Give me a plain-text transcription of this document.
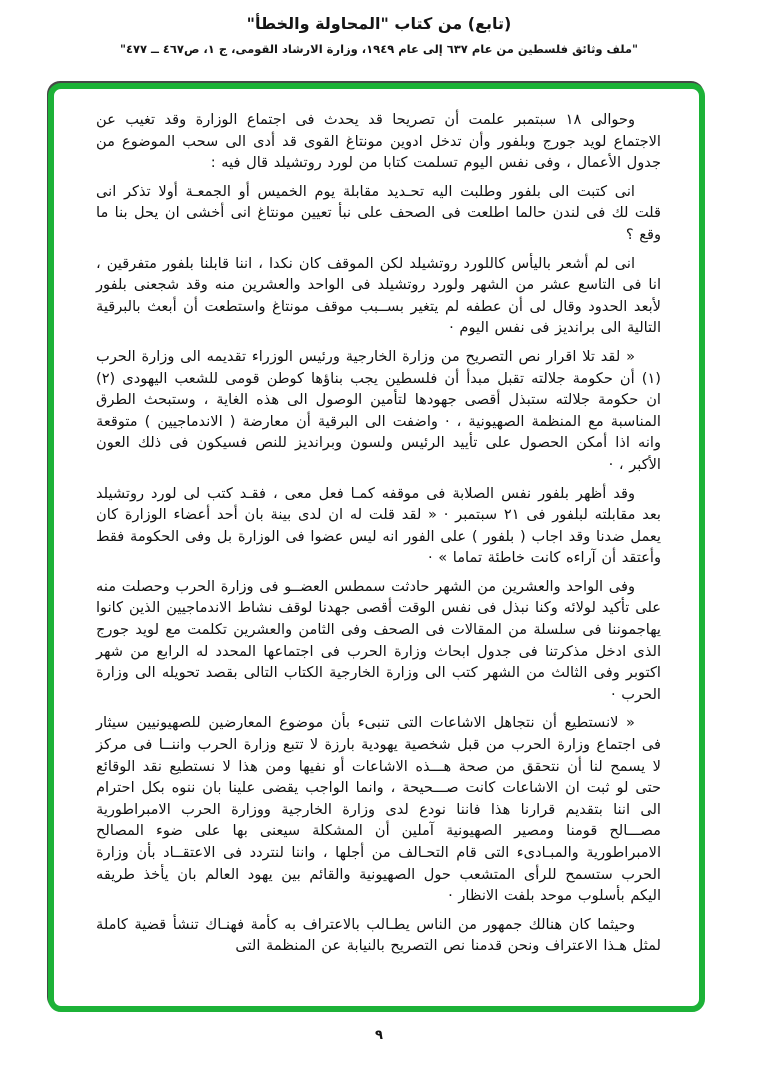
(تابع) من كتاب "المحاولة والخطأ"
"ملف وثائق فلسطين من عام ٦٣٧ إلى عام ١٩٤٩، وزارة الارشاد القومى، ج ١، ص٤٦٧ ــ ٤٧٧"

وحوالى ١٨ سبتمبر علمت أن تصريحا قد يحدث فى اجتماع الوزارة وقد تغيب عن الاجتماع لويد جورج وبلفور وأن تدخل ادوين مونتاغ القوى قد أدى الى سحب الموضوع من جدول الأعمال ، وفى نفس اليوم تسلمت كتابا من لورد روتشيلد قال فيه :

انى كتبت الى بلفور وطلبت اليه تحـديد مقابلة يوم الخميس أو الجمعـة أولا تذكر انى قلت لك فى لندن حالما اطلعت فى الصحف على نبأ تعيين مونتاغ انى أخشى ان يحل بنا ما وقع ؟

انى لم أشعر باليأس كاللورد روتشيلد لكن الموقف كان نكدا ، اننا قابلنا بلفور متفرقين ، انا فى التاسع عشر من الشهر ولورد روتشيلد فى الواحد والعشرين منه وقد شجعنى بلفور لأبعد الحدود وقال لى أن عطفه لم يتغير بســبب موقف مونتاغ واستطعت أن أبعث بالبرقية التالية الى برانديز فى نفس اليوم ·

« لقد تلا اقرار نص التصريح من وزارة الخارجية ورئيس الوزراء تقديمه الى وزارة الحرب (١) أن حكومة جلالته تقبل مبدأ أن فلسطين يجب بناؤها كوطن قومى للشعب اليهودى (٢) ان حكومة جلالته ستبذل أقصى جهودها لتأمين الوصول الى هذه الغاية ، وستبحث الطرق المناسبة مع المنظمة الصهيونية ، · واضفت الى البرقية أن معارضة ( الاندماجيين ) متوقعة وانه اذا أمكن الحصول على تأييد الرئيس ولسون وبرانديز للنص فسيكون فى ذلك العون الأكبر ، ·

وقد أظهر بلفور نفس الصلابة فى موقفه كمـا فعل معى ، فقـد كتب لى لورد روتشيلد بعد مقابلته لبلفور فى ٢١ سبتمبر · « لقد قلت له ان لدى بينة بان أحد أعضاء الوزارة كان يعمل ضدنا وقد اجاب ( بلفور ) على الفور انه ليس عضوا فى الوزارة بل وفى الحكومة فقط وأعتقد أن آراءه كانت خاطئة تماما » ·

وفى الواحد والعشرين من الشهر حادثت سمطس العضــو فى وزارة الحرب وحصلت منه على تأكيد لولائه وكنا نبذل فى نفس الوقت أقصى جهدنا لوقف نشاط الاندماجيين الذين كانوا يهاجموننا فى سلسلة من المقالات فى الصحف وفى الثامن والعشرين تكلمت مع لويد جورج الذى ادخل مذكرتنا فى جدول ابحاث وزارة الحرب فى اجتماعها المحدد له الرابع من شهر اكتوبر وفى الثالث من الشهر كتب الى وزارة الخارجية الكتاب التالى بقصد تحويله الى وزارة الحرب ·

« لانستطيع أن نتجاهل الاشاعات التى تنبىء بأن موضوع المعارضين للصهيونيين سيثار فى اجتماع وزارة الحرب من قبل شخصية يهودية بارزة لا تتبع وزارة الحرب واننــا فى مركز لا يسمح لنا أن نتحقق من صحة هـــذه الاشاعات أو نفيها ومن هذا لا نستطيع نقد الوقائع حتى لو ثبت ان الاشاعات كانت صـــحيحة ، وانما الواجب يقضى علينا بان ننوه بكل احترام الى اننا بتقديم قرارنا هذا فاننا نودع لدى وزارة الخارجية ووزارة الحرب الامبراطورية مصـــالح قومنا ومصير الصهيونية آملين أن المشكلة سيعنى بها على ضوء المصالح الامبراطورية والمبـادىء التى قام التحـالف من أجلها ، واننا لنتردد فى الاعتقــاد بأن وزارة الحرب ستسمح للرأى المتشعب حول الصهيونية والقائم بين يهود العالم بان يأخذ طريقه اليكم بأسلوب موحد بلفت الانظار ·

وحيثما كان هنالك جمهور من الناس يطـالب بالاعتراف به كأمة فهنـاك تنشأ قضية كاملة لمثل هـذا الاعتراف ونحن قدمنا نص التصريح بالنيابة عن المنظمة التى

٩
